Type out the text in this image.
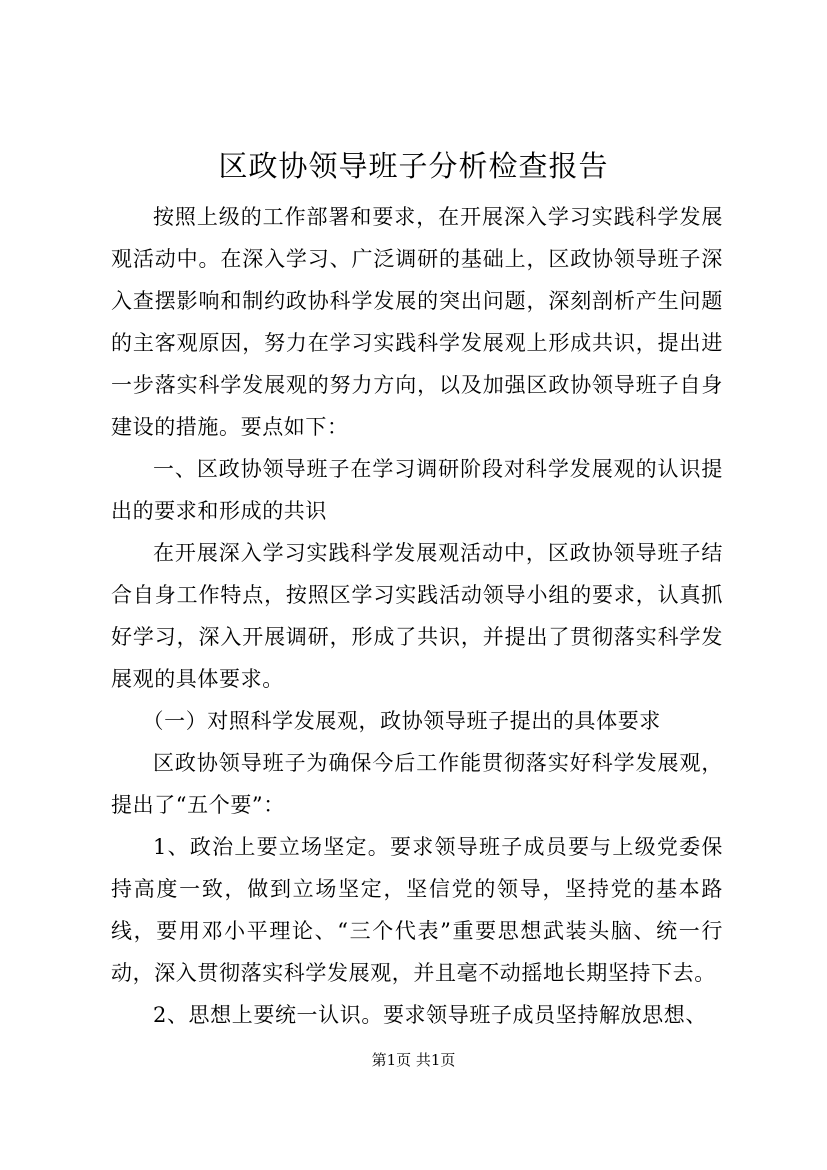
区政协领导班子分析检查报告

按照上级的工作部署和要求，在开展深入学习实践科学发展观活动中。在深入学习、广泛调研的基础上，区政协领导班子深入查摆影响和制约政协科学发展的突出问题，深刻剖析产生问题的主客观原因，努力在学习实践科学发展观上形成共识，提出进一步落实科学发展观的努力方向，以及加强区政协领导班子自身建设的措施。要点如下：

一、区政协领导班子在学习调研阶段对科学发展观的认识提出的要求和形成的共识

在开展深入学习实践科学发展观活动中，区政协领导班子结合自身工作特点，按照区学习实践活动领导小组的要求，认真抓好学习，深入开展调研，形成了共识，并提出了贯彻落实科学发展观的具体要求。

（一）对照科学发展观，政协领导班子提出的具体要求

区政协领导班子为确保今后工作能贯彻落实好科学发展观，提出了“五个要”：

1、政治上要立场坚定。要求领导班子成员要与上级党委保持高度一致，做到立场坚定，坚信党的领导，坚持党的基本路线，要用邓小平理论、“三个代表”重要思想武装头脑、统一行动，深入贯彻落实科学发展观，并且毫不动摇地长期坚持下去。

2、思想上要统一认识。要求领导班子成员坚持解放思想、

第1页 共1页
